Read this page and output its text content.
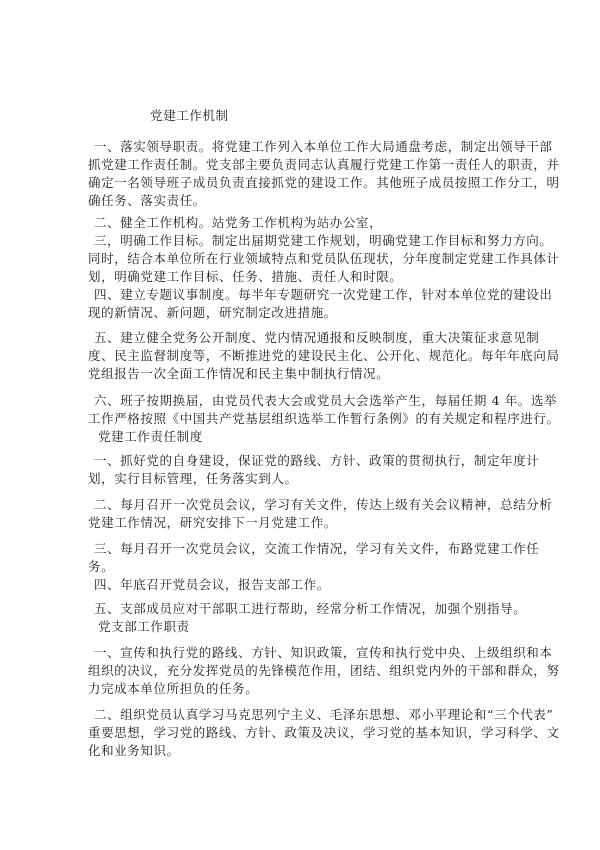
党建工作机制
一、落实领导职责。将党建工作列入本单位工作大局通盘考虑，制定出领导干部
抓党建工作责任制。党支部主要负责同志认真履行党建工作第一责任人的职责，并
确定一名领导班子成员负责直接抓党的建设工作。其他班子成员按照工作分工，明
确任务、落实责任。
二、健全工作机构。站党务工作机构为站办公室，
三，明确工作目标。制定出届期党建工作规划，明确党建工作目标和努力方向。
同时，结合本单位所在行业领域特点和党员队伍现状，分年度制定党建工作具体计
划，明确党建工作目标、任务、措施、责任人和时限。
四、建立专题议事制度。每半年专题研究一次党建工作，针对本单位党的建设出
现的新情况、新问题，研究制定改进措施。
五、建立健全党务公开制度、党内情况通报和反映制度，重大决策征求意见制
度、民主监督制度等，不断推进党的建设民主化、公开化、规范化。每年年底向局
党组报告一次全面工作情况和民主集中制执行情况。
六、班子按期换届，由党员代表大会或党员大会选举产生，每届任期 4 年。选举
工作严格按照《中国共产党基层组织选举工作暂行条例》的有关规定和程序进行。
党建工作责任制度
一、抓好党的自身建设，保证党的路线、方针、政策的贯彻执行，制定年度计
划，实行目标管理，任务落实到人。
二、每月召开一次党员会议，学习有关文件，传达上级有关会议精神，总结分析
党建工作情况，研究安排下一月党建工作。
三、每月召开一次党员会议，交流工作情况，学习有关文件，布路党建工作任
务。
四、年底召开党员会议，报告支部工作。
五、支部成员应对干部职工进行帮助，经常分析工作情况，加强个别指导。
党支部工作职责
一、宣传和执行党的路线、方针、知识政策，宣传和执行党中央、上级组织和本
组织的决议，充分发挥党员的先锋模范作用，团结、组织党内外的干部和群众，努
力完成本单位所担负的任务。
二、组织党员认真学习马克思列宁主义、毛泽东思想、邓小平理论和“三个代表”
重要思想，学习党的路线、方针、政策及决议，学习党的基本知识，学习科学、文
化和业务知识。
